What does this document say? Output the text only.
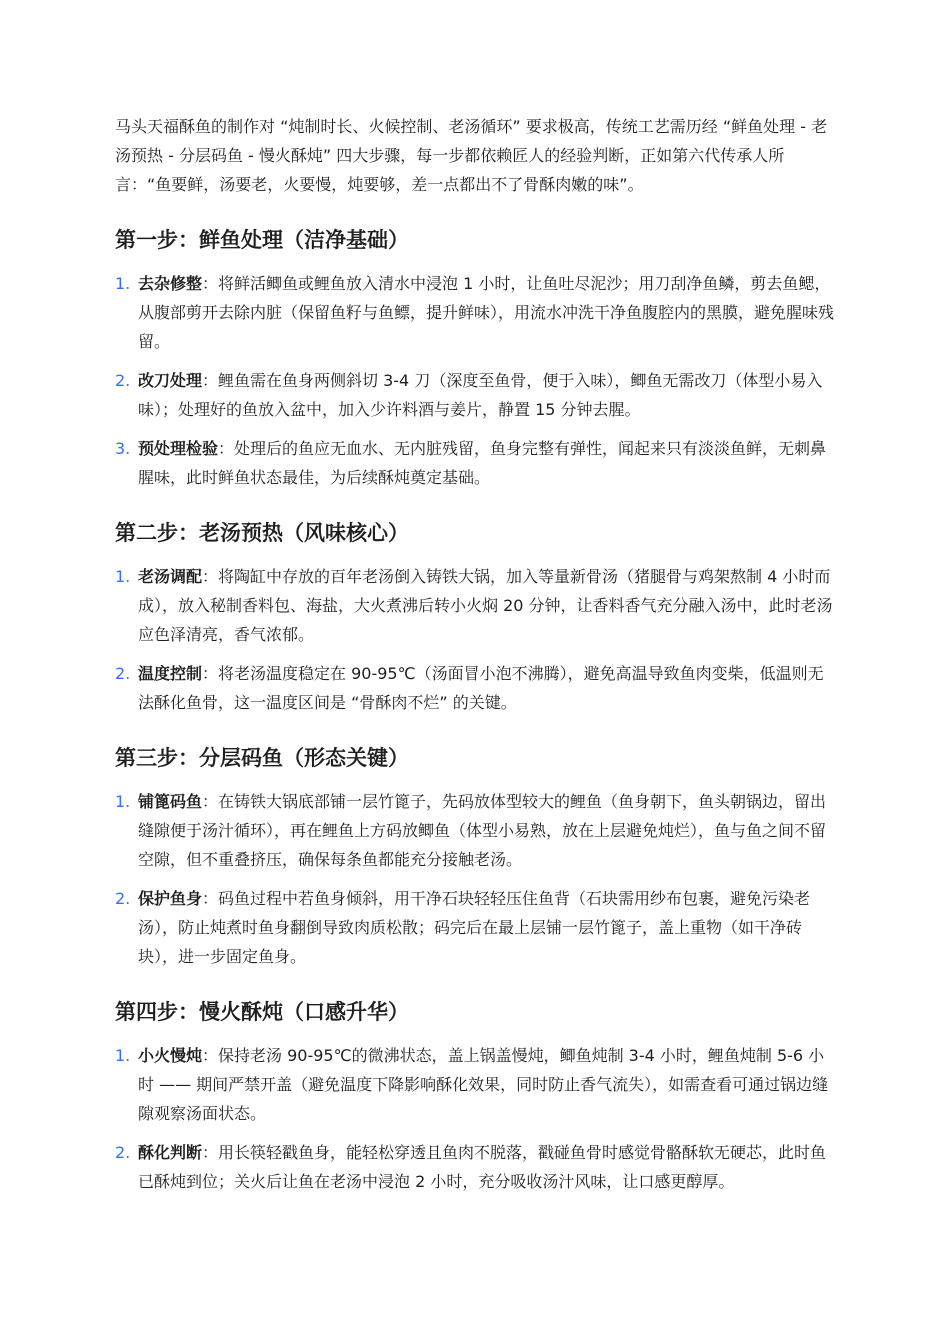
马头天福酥鱼的制作对 “炖制时长、火候控制、老汤循环” 要求极高，传统工艺需历经 “鲜鱼处理 - 老汤预热 - 分层码鱼 - 慢火酥炖” 四大步骤，每一步都依赖匠人的经验判断，正如第六代传承人所言：“鱼要鲜，汤要老，火要慢，炖要够，差一点都出不了骨酥肉嫩的味”。

第一步：鲜鱼处理（洁净基础）
1. 去杂修整：将鲜活鲫鱼或鲤鱼放入清水中浸泡 1 小时，让鱼吐尽泥沙；用刀刮净鱼鳞，剪去鱼鳃，从腹部剪开去除内脏（保留鱼籽与鱼鳔，提升鲜味），用流水冲洗干净鱼腹腔内的黑膜，避免腥味残留。
2. 改刀处理：鲤鱼需在鱼身两侧斜切 3-4 刀（深度至鱼骨，便于入味），鲫鱼无需改刀（体型小易入味）；处理好的鱼放入盆中，加入少许料酒与姜片，静置 15 分钟去腥。
3. 预处理检验：处理后的鱼应无血水、无内脏残留，鱼身完整有弹性，闻起来只有淡淡鱼鲜，无刺鼻腥味，此时鲜鱼状态最佳，为后续酥炖奠定基础。
第二步：老汤预热（风味核心）
1. 老汤调配：将陶缸中存放的百年老汤倒入铸铁大锅，加入等量新骨汤（猪腿骨与鸡架熬制 4 小时而成），放入秘制香料包、海盐，大火煮沸后转小火焖 20 分钟，让香料香气充分融入汤中，此时老汤应色泽清亮，香气浓郁。
2. 温度控制：将老汤温度稳定在 90-95℃（汤面冒小泡不沸腾），避免高温导致鱼肉变柴，低温则无法酥化鱼骨，这一温度区间是 “骨酥肉不烂” 的关键。
第三步：分层码鱼（形态关键）
1. 铺篦码鱼：在铸铁大锅底部铺一层竹篦子，先码放体型较大的鲤鱼（鱼身朝下，鱼头朝锅边，留出缝隙便于汤汁循环），再在鲤鱼上方码放鲫鱼（体型小易熟，放在上层避免炖烂），鱼与鱼之间不留空隙，但不重叠挤压，确保每条鱼都能充分接触老汤。
2. 保护鱼身：码鱼过程中若鱼身倾斜，用干净石块轻轻压住鱼背（石块需用纱布包裹，避免污染老汤），防止炖煮时鱼身翻倒导致肉质松散；码完后在最上层铺一层竹篦子，盖上重物（如干净砖块），进一步固定鱼身。
第四步：慢火酥炖（口感升华）
1. 小火慢炖：保持老汤 90-95℃的微沸状态，盖上锅盖慢炖，鲫鱼炖制 3-4 小时，鲤鱼炖制 5-6 小时 —— 期间严禁开盖（避免温度下降影响酥化效果，同时防止香气流失），如需查看可通过锅边缝隙观察汤面状态。
2. 酥化判断：用长筷轻戳鱼身，能轻松穿透且鱼肉不脱落，戳碰鱼骨时感觉骨骼酥软无硬芯，此时鱼已酥炖到位；关火后让鱼在老汤中浸泡 2 小时，充分吸收汤汁风味，让口感更醇厚。
